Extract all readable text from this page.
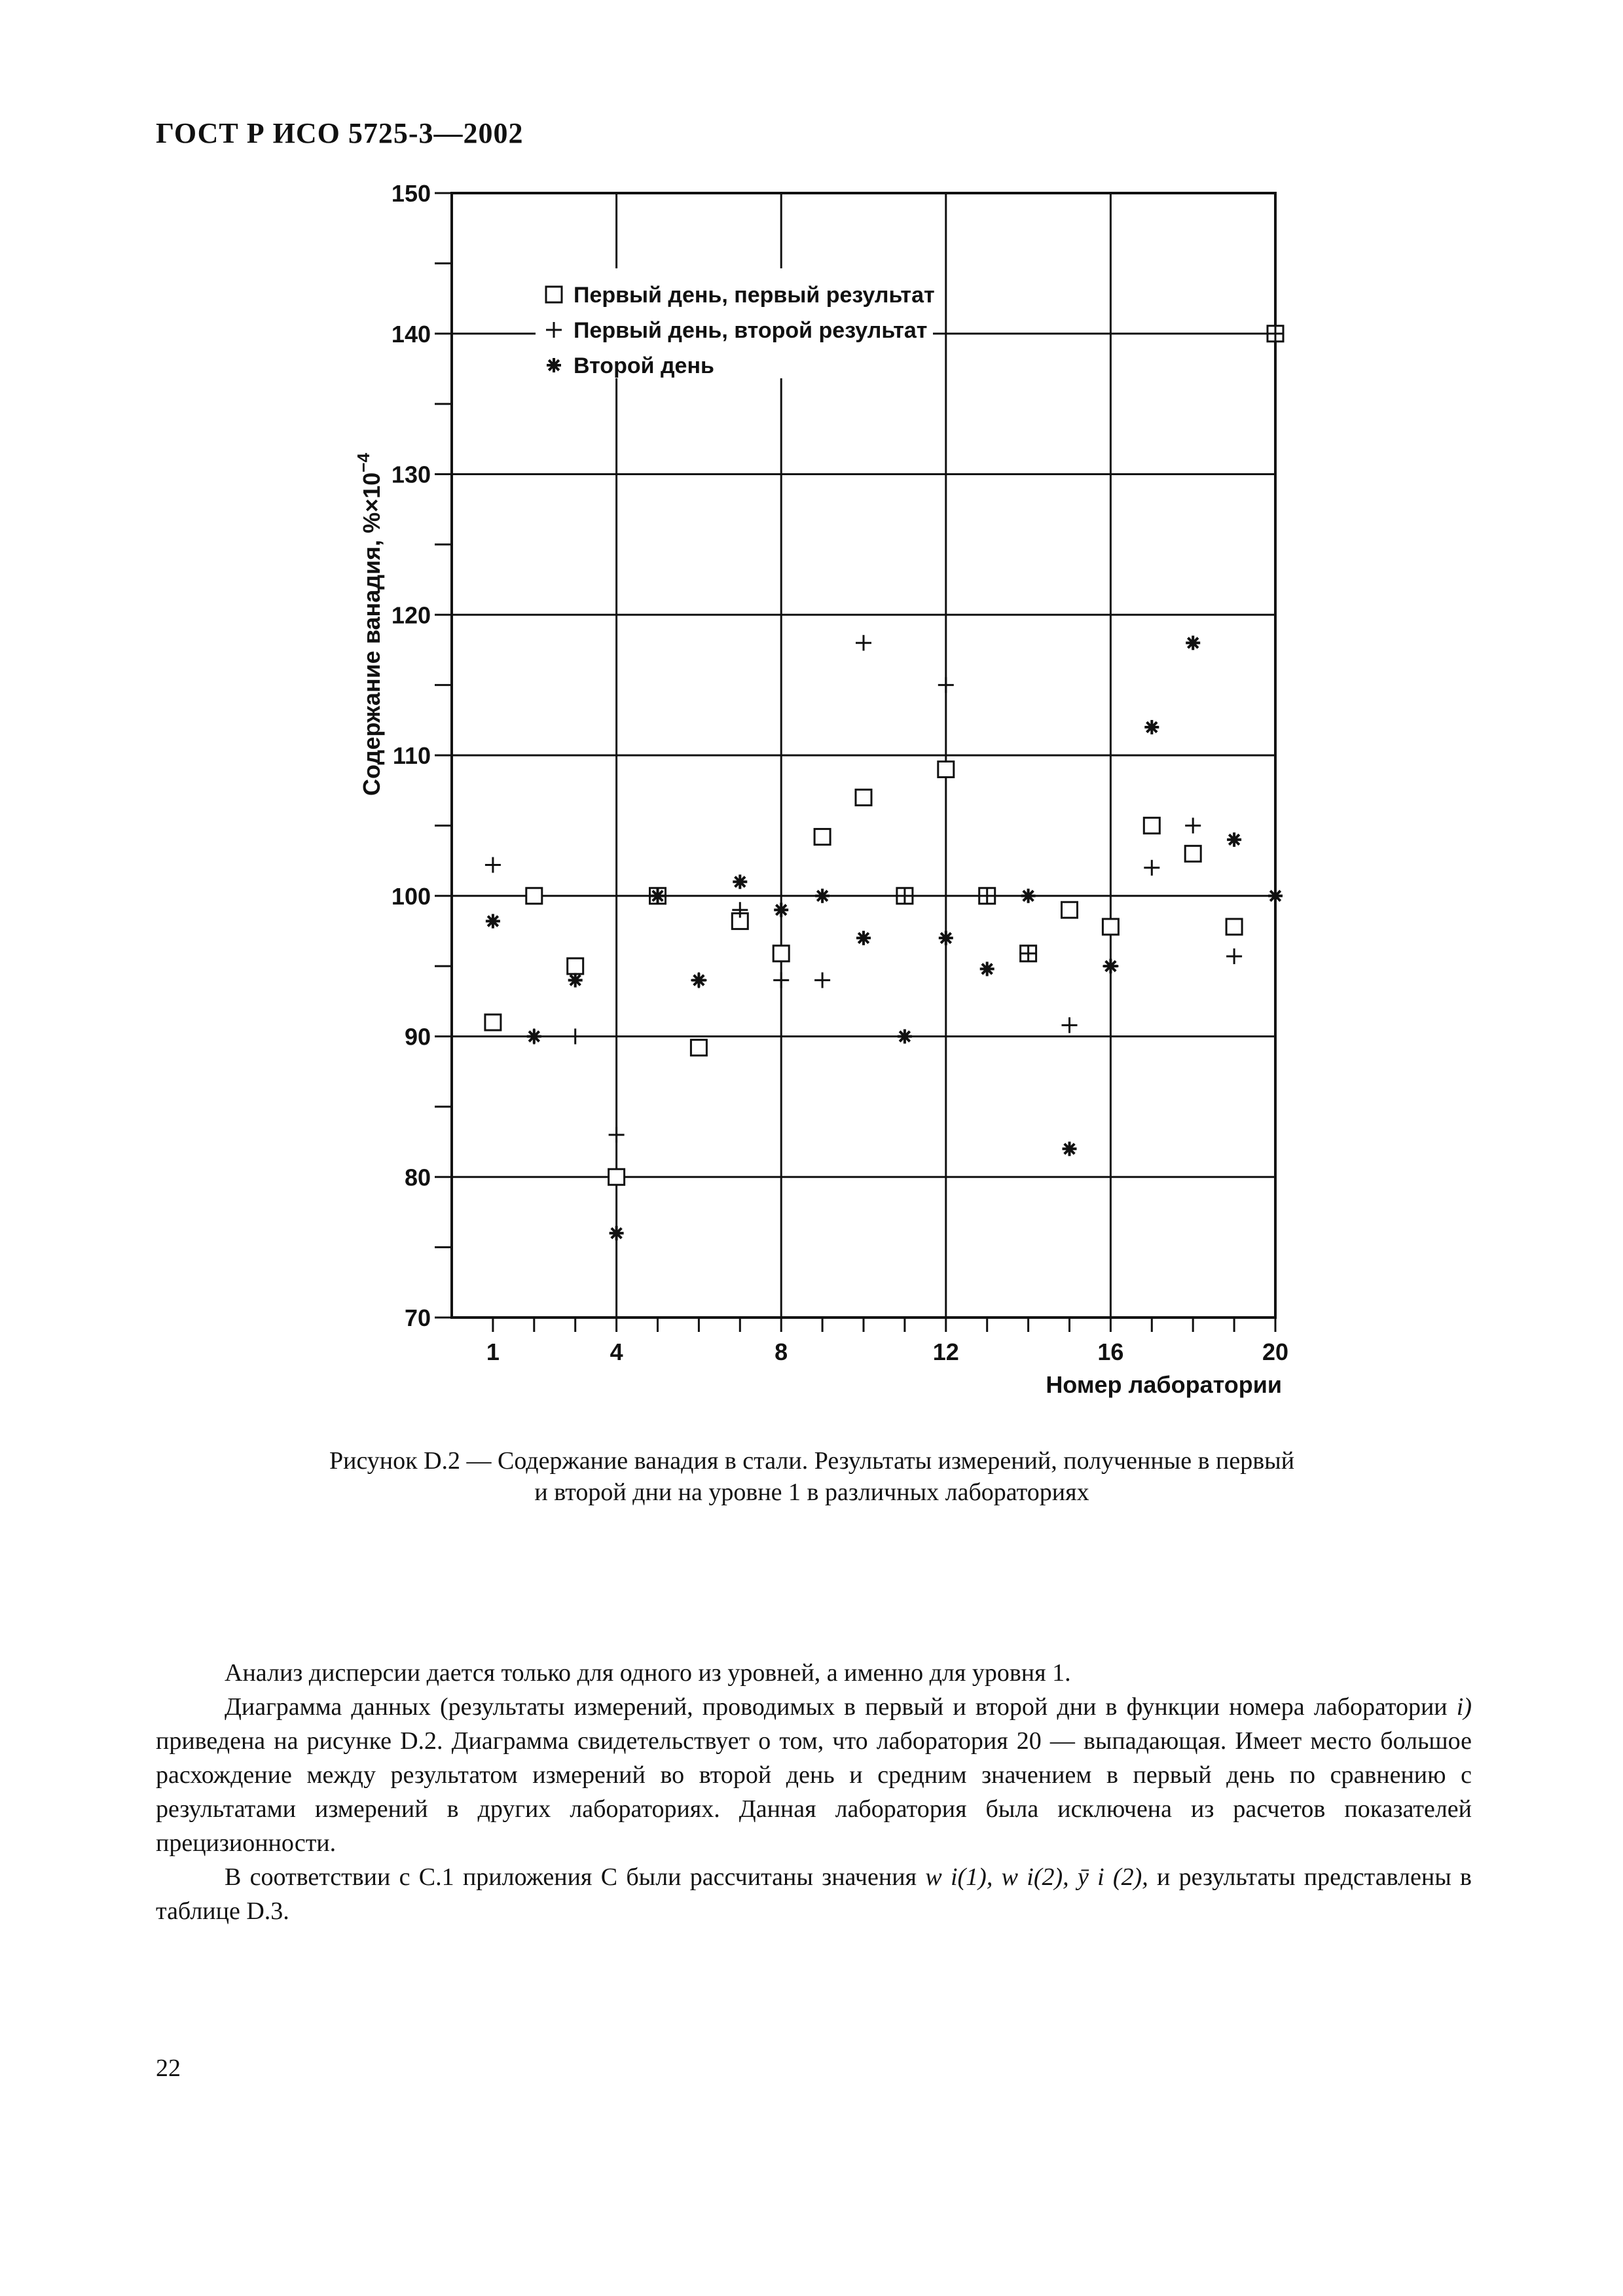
ГОСТ Р ИСО 5725-3—2002
Первый день, первый результат
Первый день, второй результат
Второй день
70
80
90
100
110
120
130
140
150
1	4	8	12	16	20
Номер лаборатории
Содержание ванадия, $\%\times 10^{-4}$
Рисунок D.2 — Содержание ванадия в стали. Результаты измерений, полученные в первый
и второй дни на уровне 1 в различных лабораториях

Анализ дисперсии дается только для одного из уровней, а именно для уровня 1.

Диаграмма данных (результаты измерений, проводимых в первый и второй дни в функции номера лаборатории i) приведена на рисунке D.2. Диаграмма свидетельствует о том, что лаборатория 20 — выпадающая. Имеет место большое расхождение между результатом измерений во второй день и средним значением в первый день по сравнению с результатами измерений в других лабораториях. Данная лаборатория была исключена из расчетов показателей прецизионности.

В соответствии с С.1 приложения С были рассчитаны значения w i(1), w i(2), ȳ i (2), и результаты представлены в таблице D.3.

22
